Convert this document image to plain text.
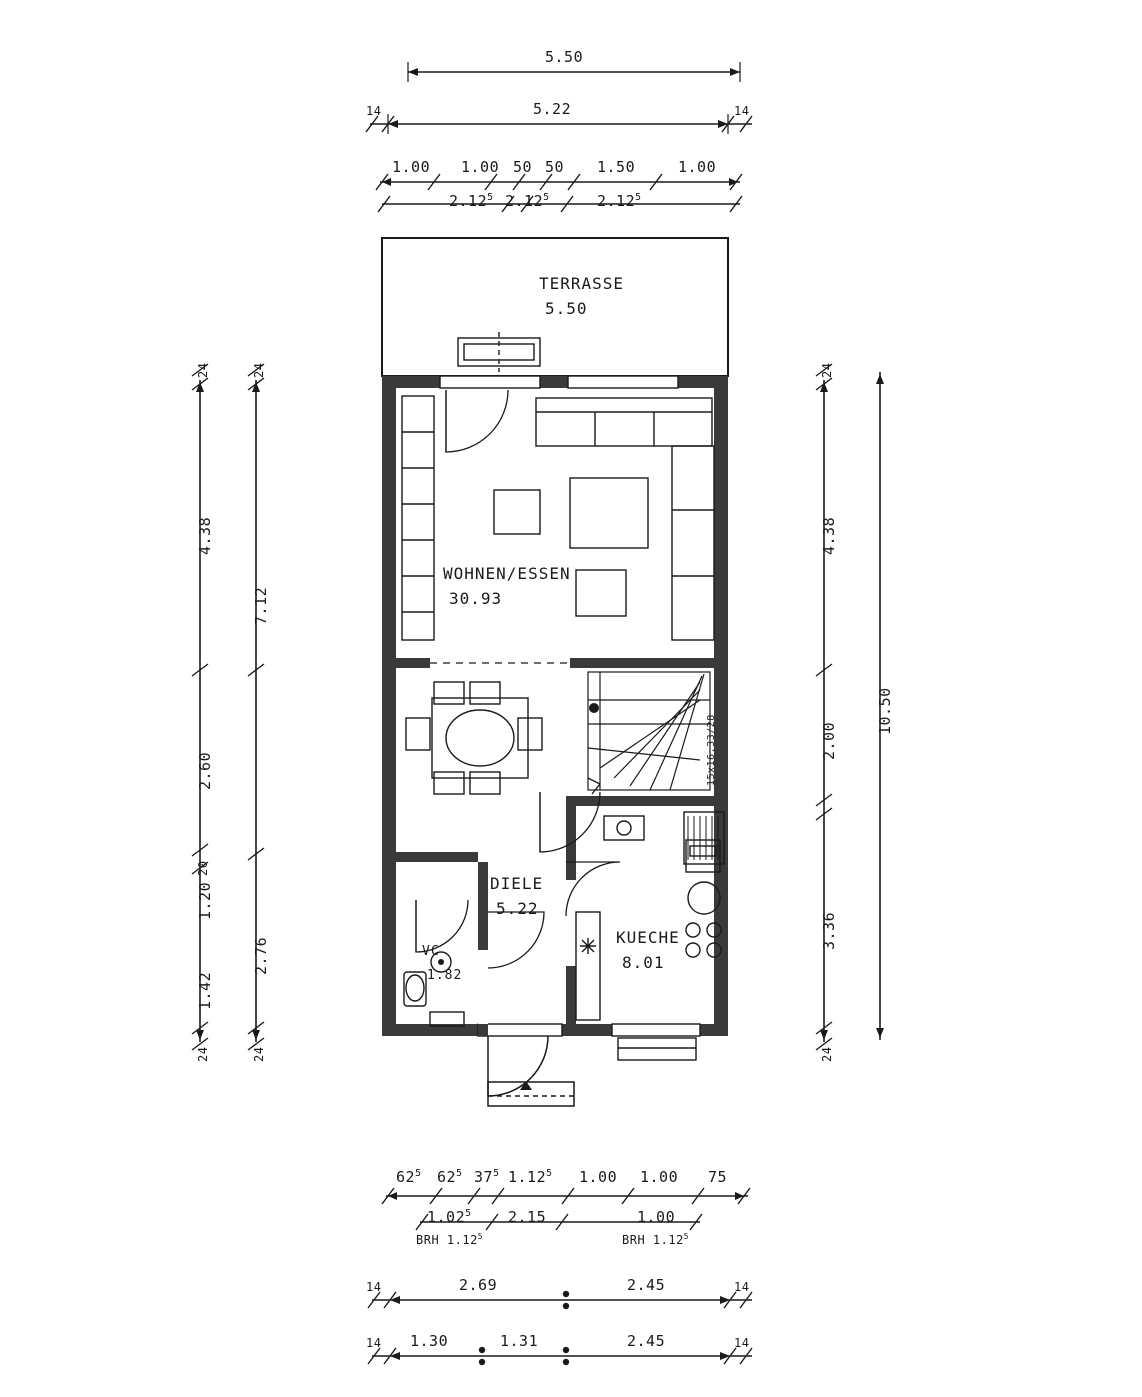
5.50
14	5.22	14
1.00 1.00 50 50 1.50	1.00
2.12$^5$ 2.12$^5$	2.12$^5$
24
4.38
2.60
20
1.20
1.42
24
24
7.12
2.76
24
24
4.38
2.00
3.36
24
10.50
$62^5$ $62^5$ $37^5$ 1.12$^5$ 1.00 1.00 75
1.02$^5$ 2.15	1.00
BRH 1.12$^5$	BRH 1.12$^5$
14	2.69	2.45	14
14 1.30	1.31	2.45	14
TERRASSE
5.50
WOHNEN/ESSEN
30.93
DIELE
5.22
KUECHE
8.01
VC
1.82
15x16.33/28
